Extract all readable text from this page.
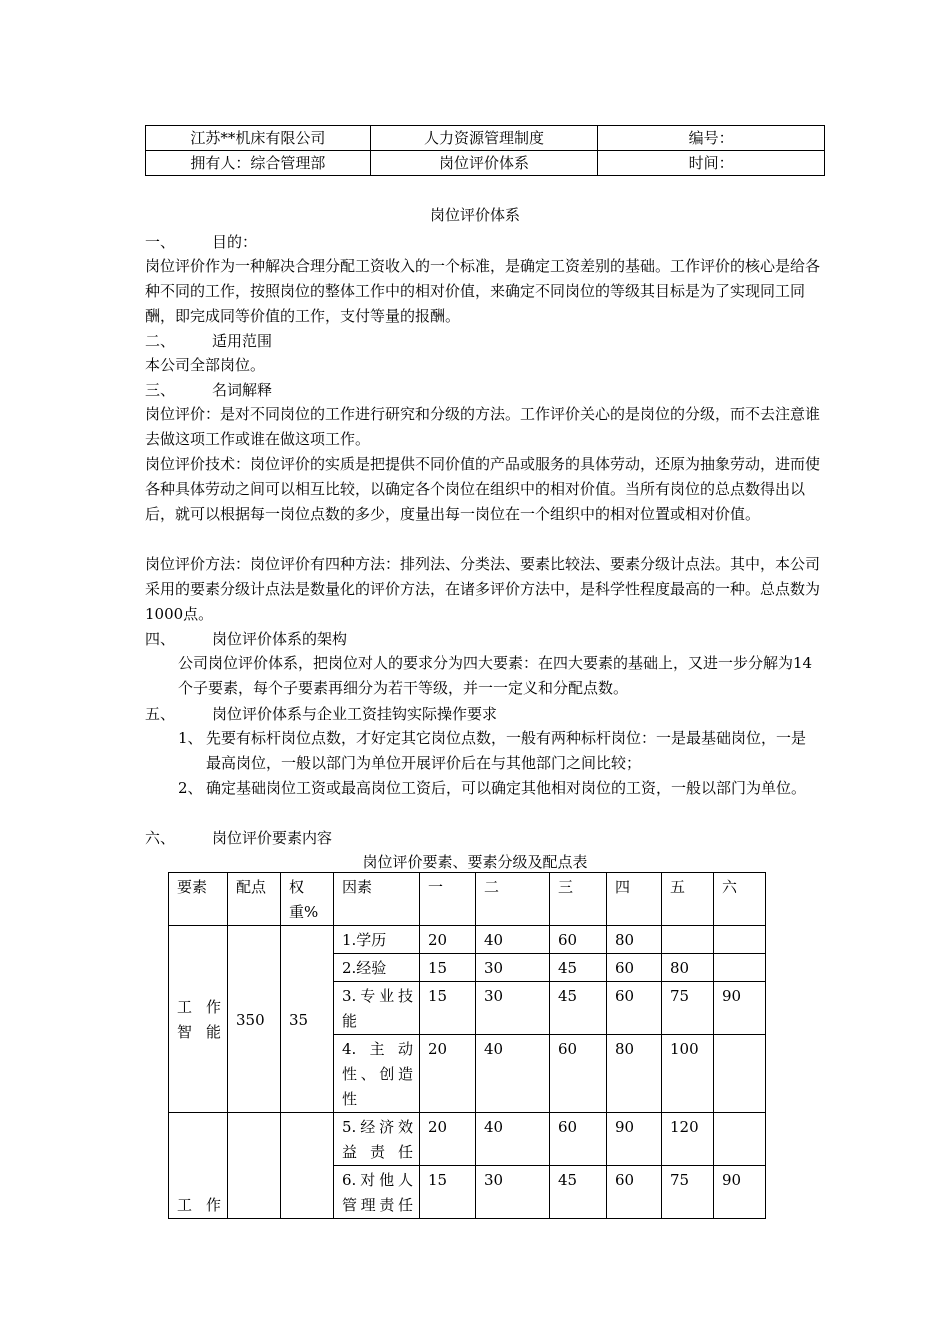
江苏**机床有限公司	人力资源管理制度	编号：
拥有人：综合管理部	岗位评价体系	时间：
岗位评价体系
一、 目的：
岗位评价作为一种解决合理分配工资收入的一个标准，是确定工资差别的基础。工作评价的核心是给各种不同的工作，按照岗位的整体工作中的相对价值，来确定不同岗位的等级其目标是为了实现同工同酬，即完成同等价值的工作，支付等量的报酬。
二、 适用范围
本公司全部岗位。
三、 名词解释
岗位评价：是对不同岗位的工作进行研究和分级的方法。工作评价关心的是岗位的分级，而不去注意谁去做这项工作或谁在做这项工作。
岗位评价技术：岗位评价的实质是把提供不同价值的产品或服务的具体劳动，还原为抽象劳动，进而使各种具体劳动之间可以相互比较，以确定各个岗位在组织中的相对价值。当所有岗位的总点数得出以后，就可以根据每一岗位点数的多少，度量出每一岗位在一个组织中的相对位置或相对价值。
岗位评价方法：岗位评价有四种方法：排列法、分类法、要素比较法、要素分级计点法。其中，本公司采用的要素分级计点法是数量化的评价方法，在诸多评价方法中，是科学性程度最高的一种。总点数为1000点。
四、 岗位评价体系的架构
公司岗位评价体系，把岗位对人的要求分为四大要素：在四大要素的基础上，又进一步分解为14个子要素，每个子要素再细分为若干等级，并一一定义和分配点数。
五、 岗位评价体系与企业工资挂钩实际操作要求
1、 先要有标杆岗位点数，才好定其它岗位点数，一般有两种标杆岗位：一是最基础岗位，一是最高岗位，一般以部门为单位开展评价后在与其他部门之间比较；
2、 确定基础岗位工资或最高岗位工资后，可以确定其他相对岗位的工资，一般以部门为单位。
六、 岗位评价要素内容
岗位评价要素、要素分级及配点表
要素	配点	权重%	因素	一	二	三	四	五	六
工 作 智能	350	35	1.学历	20	40	60	80		
			2.经验	15	30	45	60	80	
			3.专业技能	15	30	45	60	75	90
			4.主动性、创造性	20	40	60	80	100	
工 作			5.经济效益责任	20	40	60	90	120	
			6.对他人管理责任	15	30	45	60	75	90
